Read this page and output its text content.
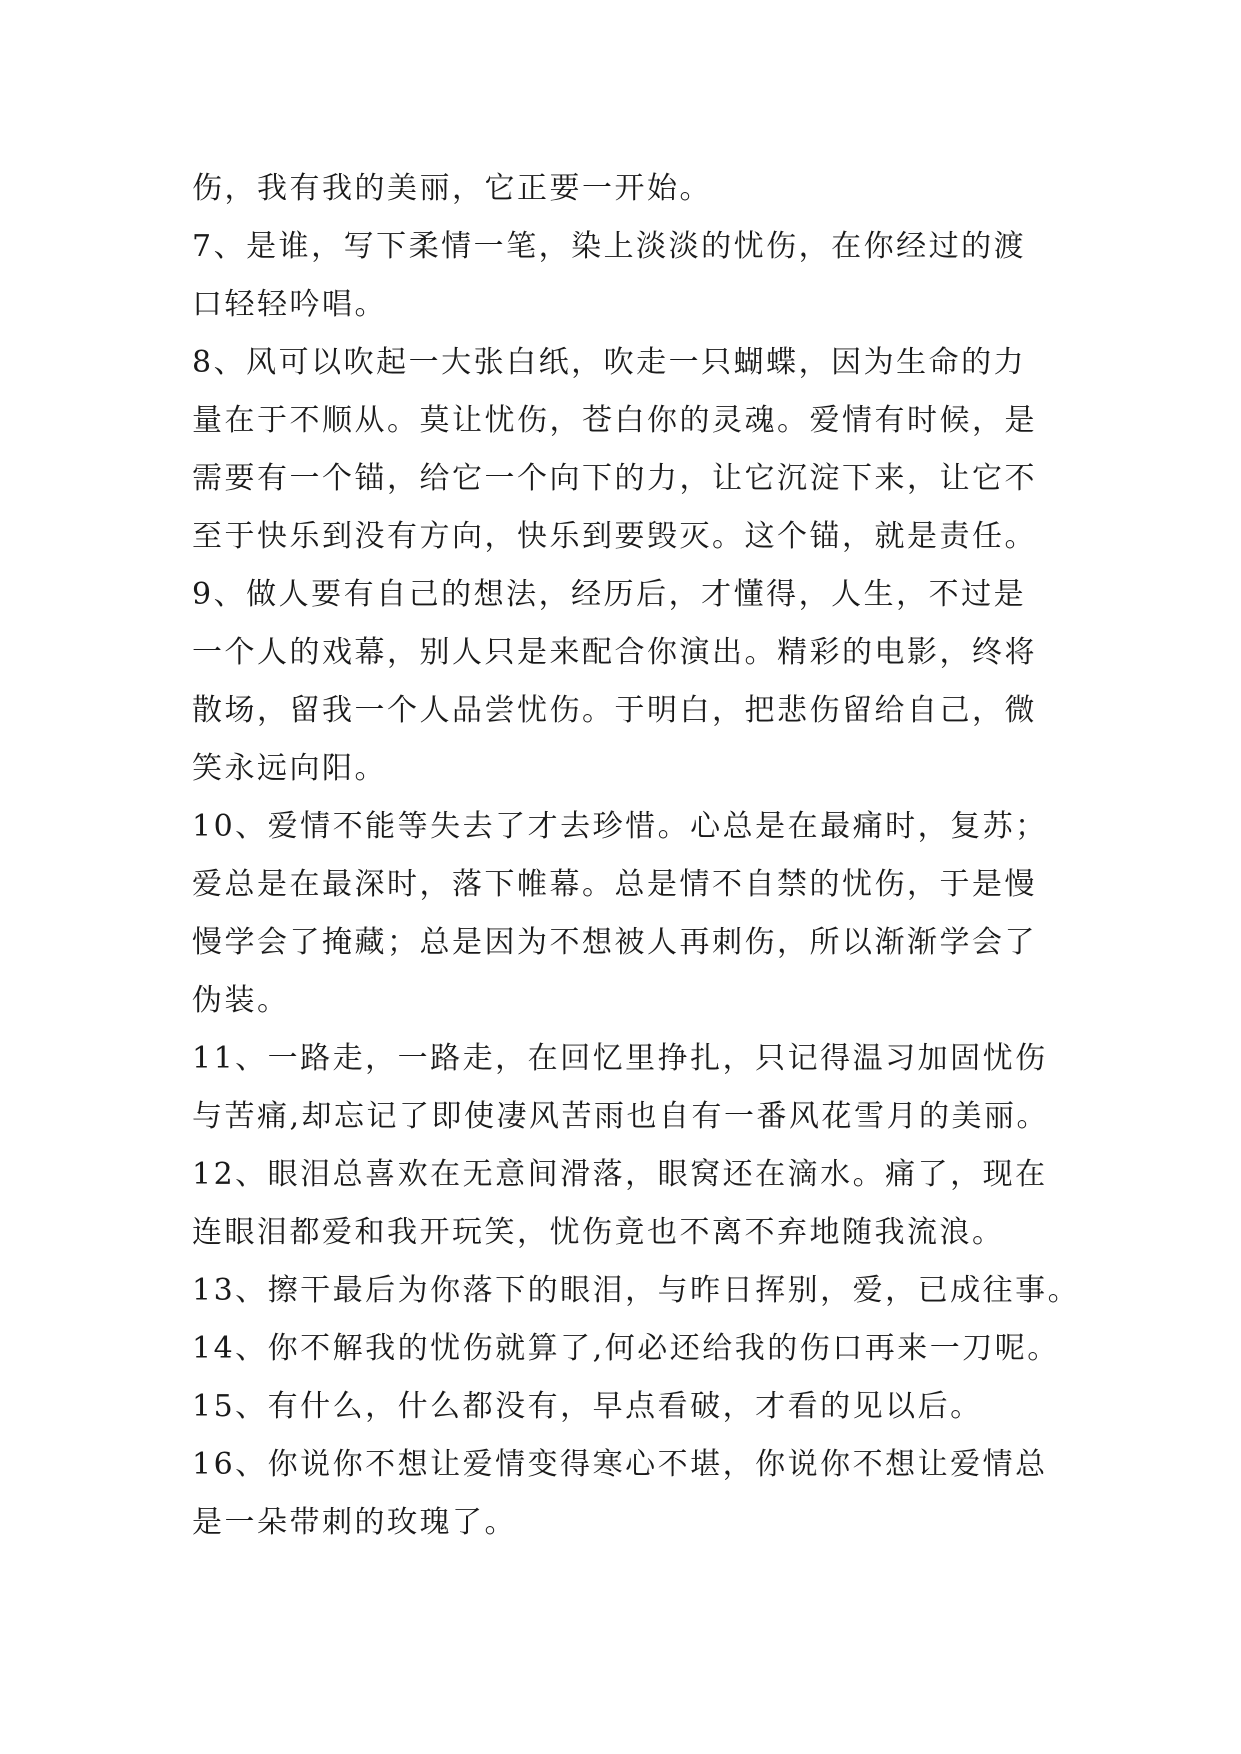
伤，我有我的美丽，它正要一开始。
7、是谁，写下柔情一笔，染上淡淡的忧伤，在你经过的渡
口轻轻吟唱。
8、风可以吹起一大张白纸，吹走一只蝴蝶，因为生命的力
量在于不顺从。莫让忧伤，苍白你的灵魂。爱情有时候，是
需要有一个锚，给它一个向下的力，让它沉淀下来，让它不
至于快乐到没有方向，快乐到要毁灭。这个锚，就是责任。
9、做人要有自己的想法，经历后，才懂得，人生，不过是
一个人的戏幕，别人只是来配合你演出。精彩的电影，终将
散场，留我一个人品尝忧伤。于明白，把悲伤留给自己，微
笑永远向阳。
10、爱情不能等失去了才去珍惜。心总是在最痛时，复苏；
爱总是在最深时，落下帷幕。总是情不自禁的忧伤，于是慢
慢学会了掩藏；总是因为不想被人再刺伤，所以渐渐学会了
伪装。
11、一路走，一路走，在回忆里挣扎，只记得温习加固忧伤
与苦痛,却忘记了即使凄风苦雨也自有一番风花雪月的美丽。
12、眼泪总喜欢在无意间滑落，眼窝还在滴水。痛了，现在
连眼泪都爱和我开玩笑，忧伤竟也不离不弃地随我流浪。
13、擦干最后为你落下的眼泪，与昨日挥别，爱，已成往事。
14、你不解我的忧伤就算了,何必还给我的伤口再来一刀呢。
15、有什么，什么都没有，早点看破，才看的见以后。
16、你说你不想让爱情变得寒心不堪，你说你不想让爱情总
是一朵带刺的玫瑰了。
